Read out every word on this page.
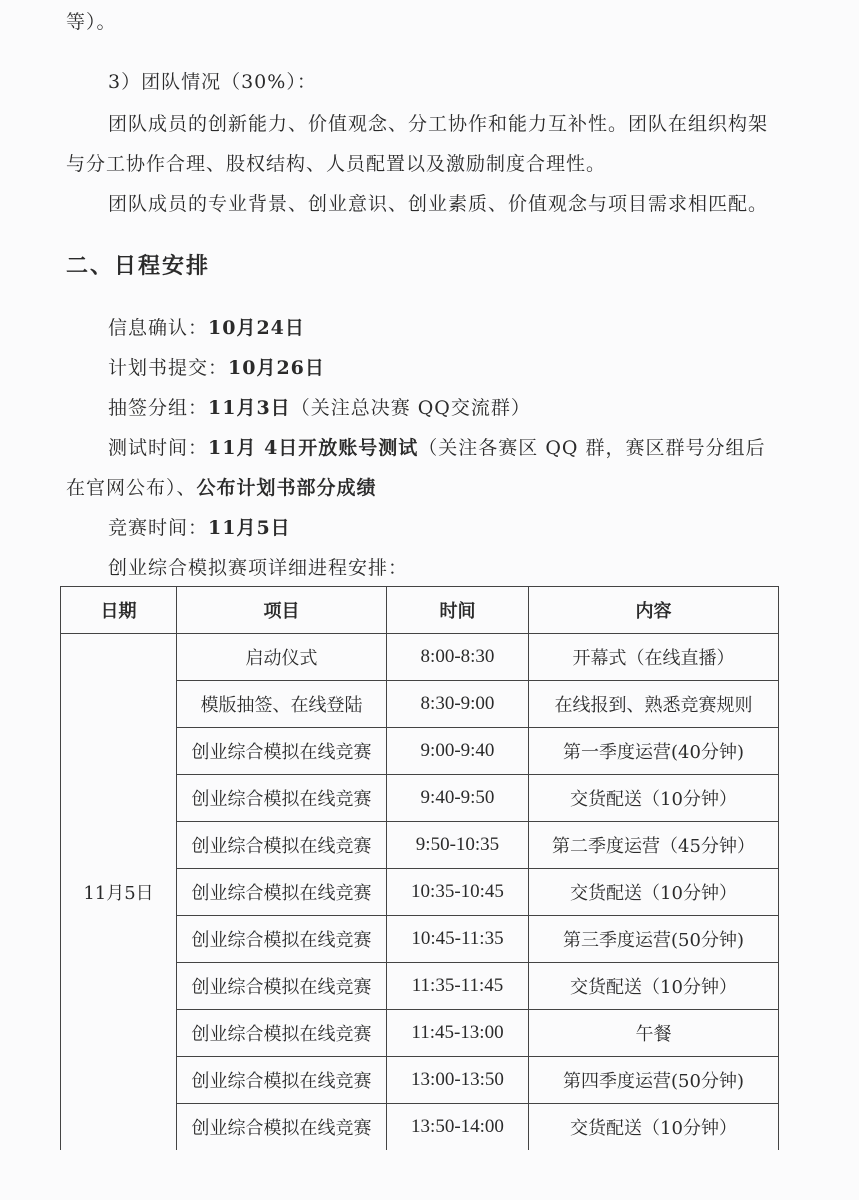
等）。
3）团队情况（30%）：
团队成员的创新能力、价值观念、分工协作和能力互补性。团队在组织构架
与分工协作合理、股权结构、人员配置以及激励制度合理性。
团队成员的专业背景、创业意识、创业素质、价值观念与项目需求相匹配。
二、日程安排
信息确认：10月24日
计划书提交：10月26日
抽签分组：11月3日（关注总决赛 QQ交流群）
测试时间：11月 4日开放账号测试（关注各赛区 QQ 群，赛区群号分组后
在官网公布）、公布计划书部分成绩
竞赛时间：11月5日
创业综合模拟赛项详细进程安排：
日期	项目	时间	内容
11月5日	启动仪式	8:00-8:30	开幕式（在线直播）
	模版抽签、在线登陆	8:30-9:00	在线报到、熟悉竞赛规则
	创业综合模拟在线竞赛	9:00-9:40	第一季度运营(40分钟)
	创业综合模拟在线竞赛	9:40-9:50	交货配送（10分钟）
	创业综合模拟在线竞赛	9:50-10:35	第二季度运营（45分钟）
	创业综合模拟在线竞赛	10:35-10:45	交货配送（10分钟）
	创业综合模拟在线竞赛	10:45-11:35	第三季度运营(50分钟)
	创业综合模拟在线竞赛	11:35-11:45	交货配送（10分钟）
	创业综合模拟在线竞赛	11:45-13:00	午餐
	创业综合模拟在线竞赛	13:00-13:50	第四季度运营(50分钟)
	创业综合模拟在线竞赛	13:50-14:00	交货配送（10分钟）
